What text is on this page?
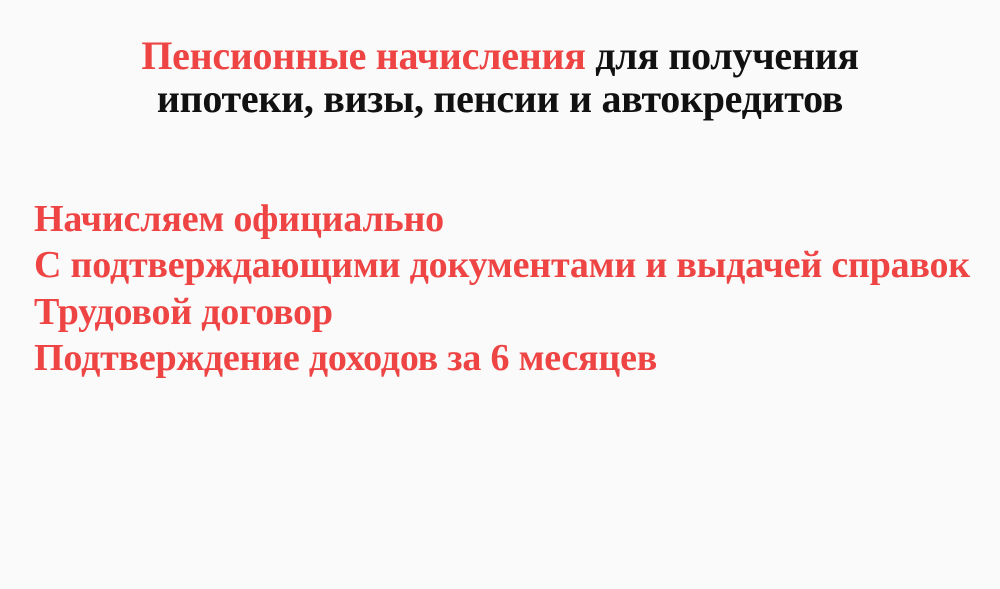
Пенсионные начисления для получения
ипотеки, визы, пенсии и автокредитов
Начисляем официально
С подтверждающими документами и выдачей справок
Трудовой договор
Подтверждение доходов за 6 месяцев
